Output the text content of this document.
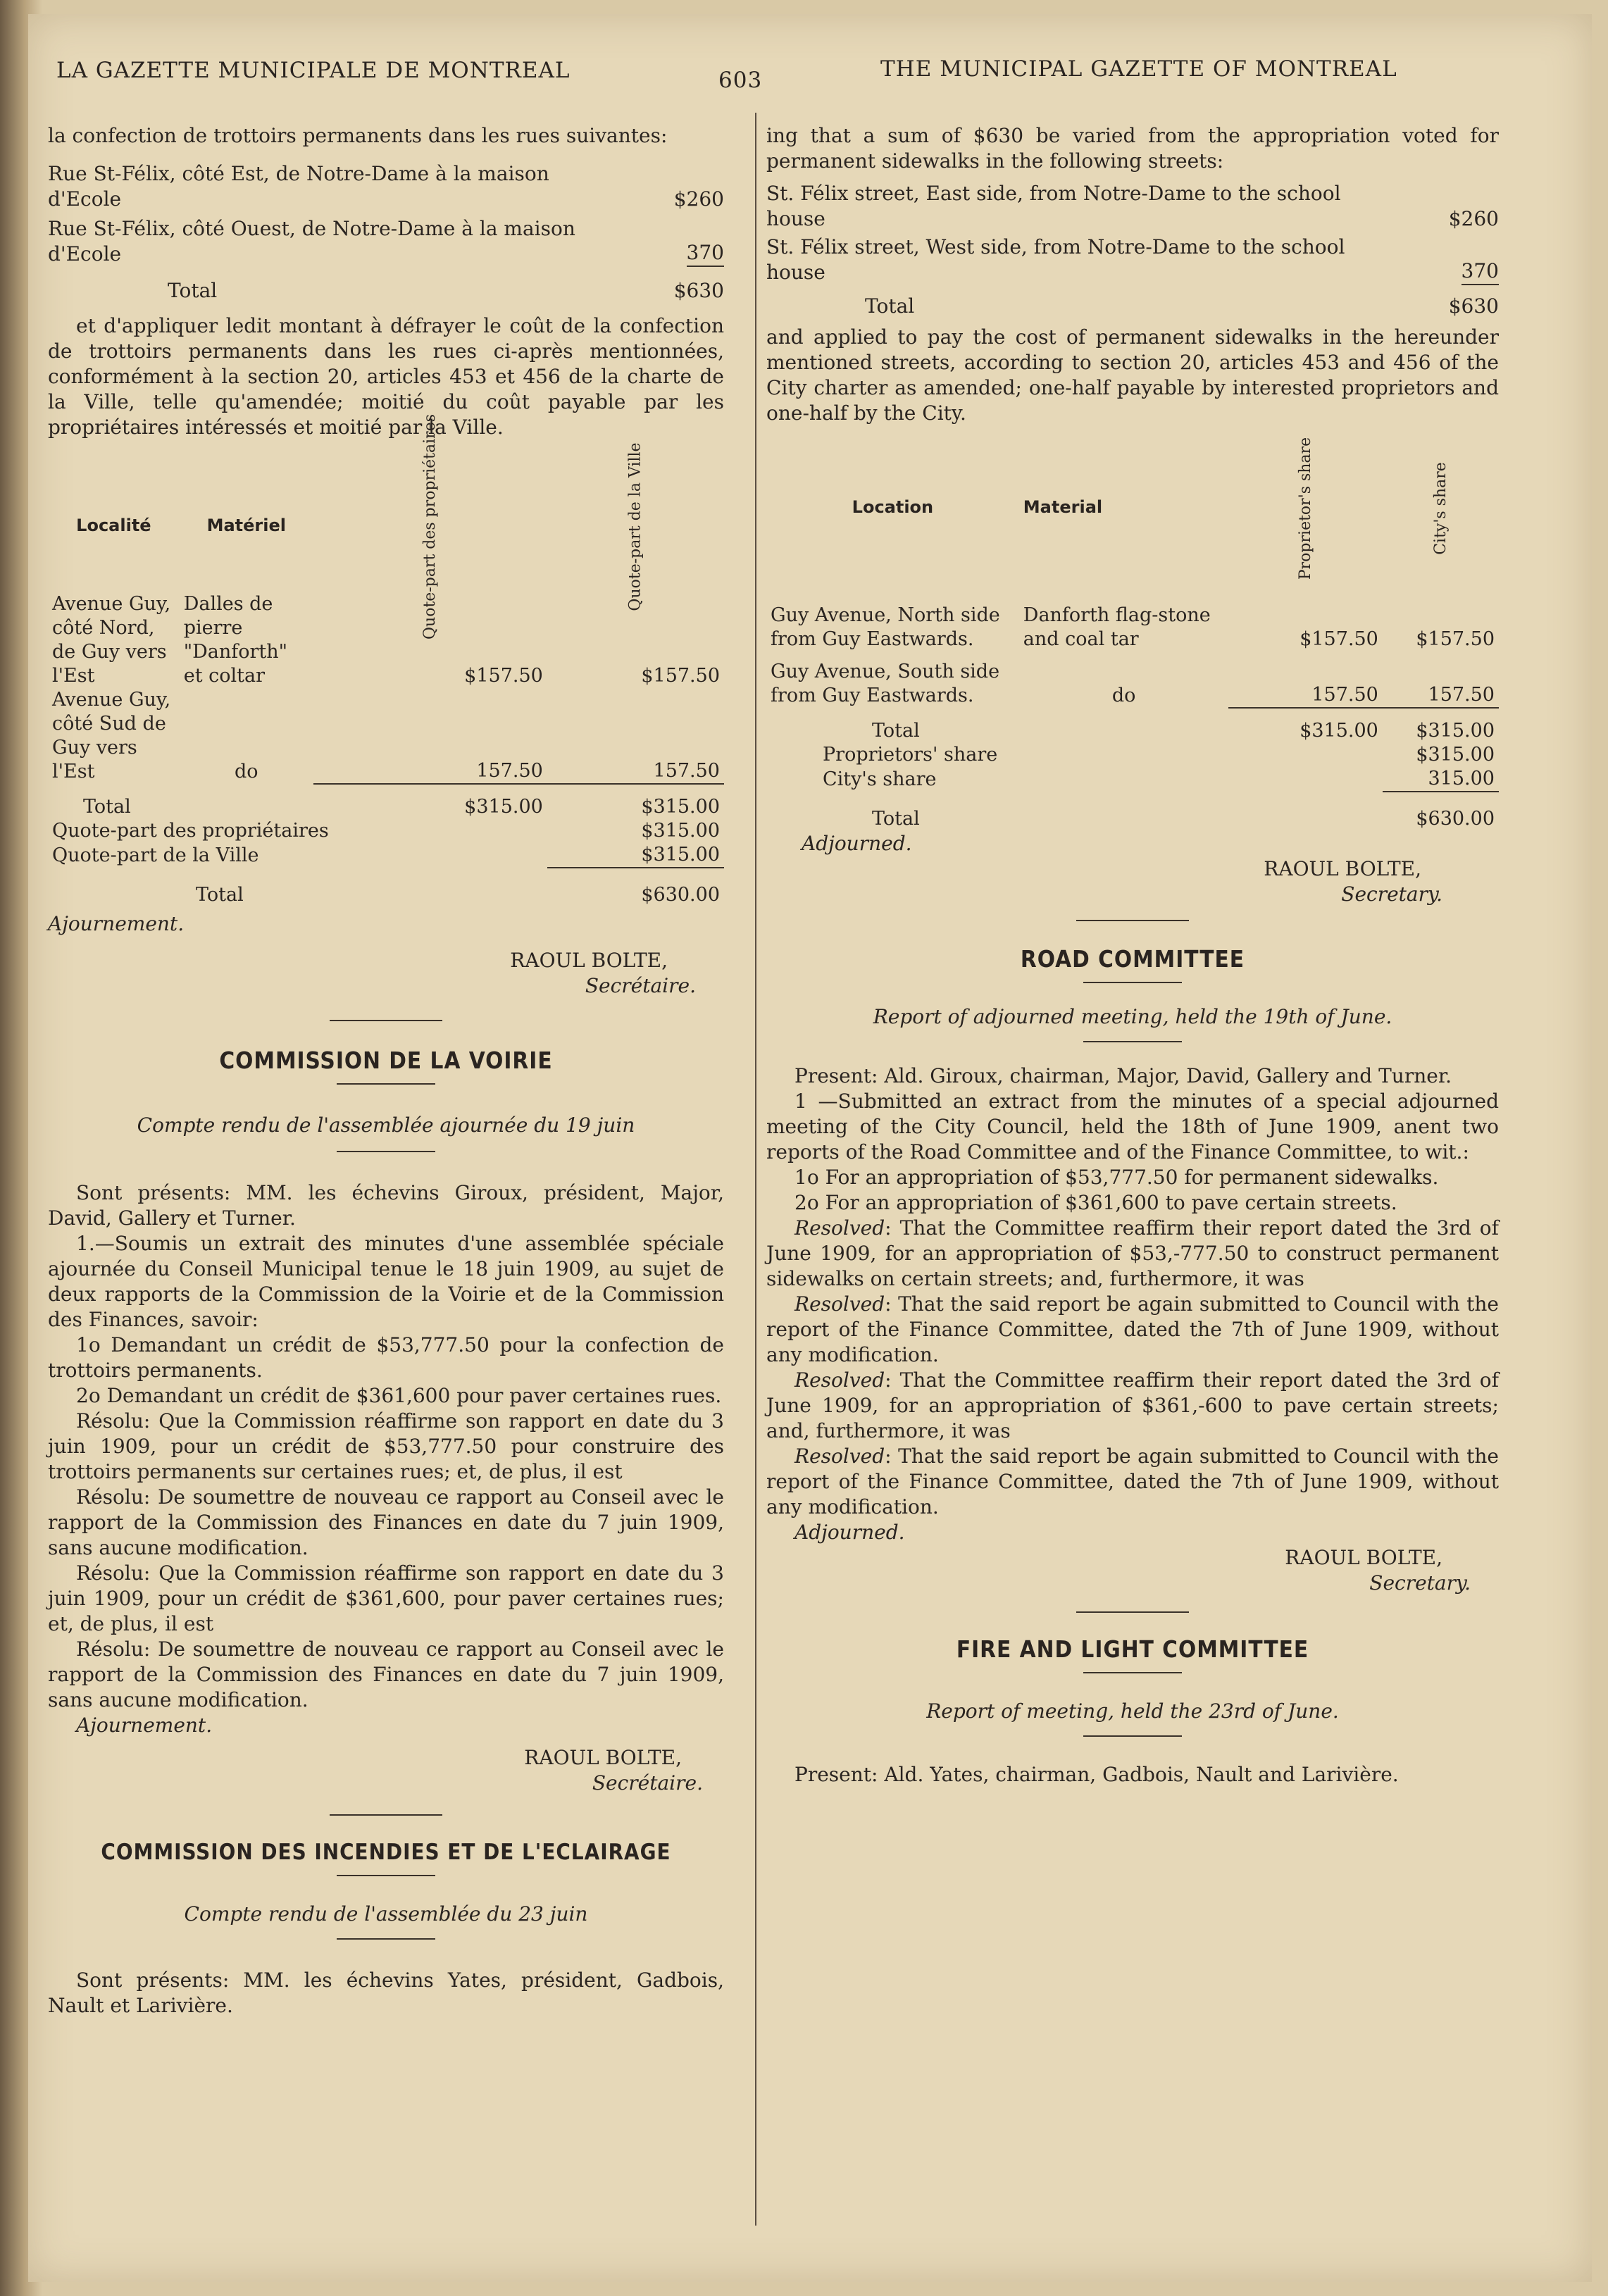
LA GAZETTE MUNICIPALE DE MONTREAL	603	THE MUNICIPAL GAZETTE OF MONTREAL

la confection de trottoirs permanents dans les rues suivantes:

Rue St-Félix, côté Est, de Notre-Dame à la maison d'Ecole	$260
Rue St-Félix, côté Ouest, de Notre-Dame à la maison d'Ecole	370
Total	$630

et d'appliquer ledit montant à défrayer le coût de la confection de trottoirs permanents dans les rues ci-après mentionnées, conformément à la section 20, articles 453 et 456 de la charte de la Ville, telle qu'amendée; moitié du coût payable par les propriétaires intéressés et moitié par la Ville.

Localité	Matériel	Quote-part des propriétaires	Quote-part de la Ville
Avenue Guy, côté Nord, de Guy vers l'Est	Dalles de pierre "Danforth" et coltar	$157.50	$157.50
Avenue Guy, côté Sud de Guy vers l'Est	do	157.50	157.50
Total		$315.00	$315.00
Quote-part des propriétaires			$315.00
Quote-part de la Ville			$315.00
Total			$630.00

Ajournement.

RAOUL BOLTE,

Secrétaire.

COMMISSION DE LA VOIRIE

Compte rendu de l'assemblée ajournée du 19 juin

Sont présents: MM. les échevins Giroux, président, Major, David, Gallery et Turner.

1.—Soumis un extrait des minutes d'une assemblée spéciale ajournée du Conseil Municipal tenue le 18 juin 1909, au sujet de deux rapports de la Commission de la Voirie et de la Commission des Finances, savoir:

1o Demandant un crédit de $53,777.50 pour la confection de trottoirs permanents.

2o Demandant un crédit de $361,600 pour paver certaines rues.

Résolu: Que la Commission réaffirme son rapport en date du 3 juin 1909, pour un crédit de $53,777.50 pour construire des trottoirs permanents sur certaines rues; et, de plus, il est

Résolu: De soumettre de nouveau ce rapport au Conseil avec le rapport de la Commission des Finances en date du 7 juin 1909, sans aucune modification.

Résolu: Que la Commission réaffirme son rapport en date du 3 juin 1909, pour un crédit de $361,600, pour paver certaines rues; et, de plus, il est

Résolu: De soumettre de nouveau ce rapport au Conseil avec le rapport de la Commission des Finances en date du 7 juin 1909, sans aucune modification.

Ajournement.

RAOUL BOLTE,

Secrétaire.

COMMISSION DES INCENDIES ET DE L'ECLAIRAGE

Compte rendu de l'assemblée du 23 juin

Sont présents: MM. les échevins Yates, président, Gadbois, Nault et Larivière.

ing that a sum of $630 be varied from the appropriation voted for permanent sidewalks in the following streets:

St. Félix street, East side, from Notre-Dame to the school house	$260
St. Félix street, West side, from Notre-Dame to the school house	370
Total	$630

and applied to pay the cost of permanent sidewalks in the hereunder mentioned streets, according to section 20, articles 453 and 456 of the City charter as amended; one-half payable by interested proprietors and one-half by the City.

Location	Material	Proprietor's share	City's share
Guy Avenue, North side from Guy Eastwards.	Danforth flag-stone and coal tar	$157.50	$157.50
Guy Avenue, South side from Guy Eastwards.	do	157.50	157.50
Total		$315.00	$315.00
Proprietors' share			$315.00
City's share			315.00
Total			$630.00

Adjourned.

RAOUL BOLTE,

Secretary.

ROAD COMMITTEE

Report of adjourned meeting, held the 19th of June.

Present: Ald. Giroux, chairman, Major, David, Gallery and Turner.

1 —Submitted an extract from the minutes of a special adjourned meeting of the City Council, held the 18th of June 1909, anent two reports of the Road Committee and of the Finance Committee, to wit.:

1o For an appropriation of $53,777.50 for permanent sidewalks.

2o For an appropriation of $361,600 to pave certain streets.

Resolved: That the Committee reaffirm their report dated the 3rd of June 1909, for an appropriation of $53,-777.50 to construct permanent sidewalks on certain streets; and, furthermore, it was

Resolved: That the said report be again submitted to Council with the report of the Finance Committee, dated the 7th of June 1909, without any modification.

Resolved: That the Committee reaffirm their report dated the 3rd of June 1909, for an appropriation of $361,-600 to pave certain streets; and, furthermore, it was

Resolved: That the said report be again submitted to Council with the report of the Finance Committee, dated the 7th of June 1909, without any modification.

Adjourned.

RAOUL BOLTE,

Secretary.

FIRE AND LIGHT COMMITTEE

Report of meeting, held the 23rd of June.

Present: Ald. Yates, chairman, Gadbois, Nault and Larivière.
